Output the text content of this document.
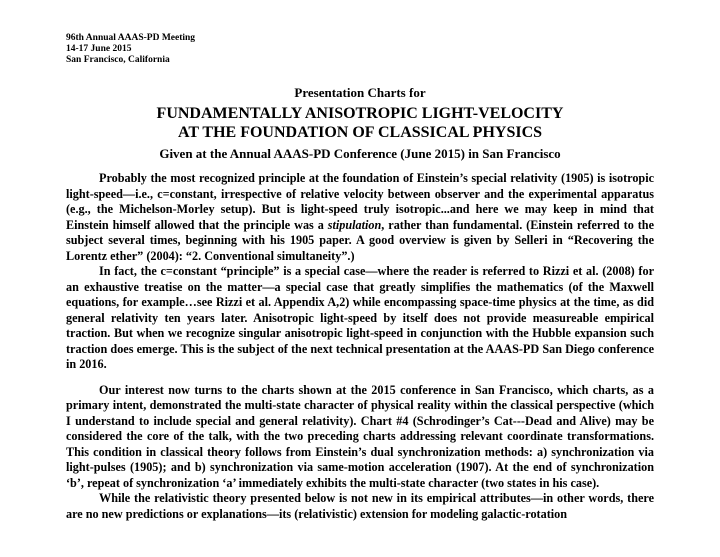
96th Annual AAAS-PD Meeting
14-17 June 2015
San Francisco, California
Presentation Charts for
FUNDAMENTALLY ANISOTROPIC LIGHT-VELOCITY
AT THE FOUNDATION OF CLASSICAL PHYSICS
Given at the Annual AAAS-PD Conference (June 2015) in San Francisco

Probably the most recognized principle at the foundation of Einstein’s special relativity (1905) is isotropic light-speed—i.e., c=constant, irrespective of relative velocity between observer and the experimental apparatus (e.g., the Michelson-Morley setup). But is light-speed truly isotropic...and here we may keep in mind that Einstein himself allowed that the principle was a stipulation, rather than fundamental. (Einstein referred to the subject several times, beginning with his 1905 paper. A good overview is given by Selleri in “Recovering the Lorentz ether” (2004): “2. Conventional simultaneity”.)

In fact, the c=constant “principle” is a special case—where the reader is referred to Rizzi et al. (2008) for an exhaustive treatise on the matter—a special case that greatly simplifies the mathematics (of the Maxwell equations, for example…see Rizzi et al. Appendix A,2) while encompassing space-time physics at the time, as did general relativity ten years later. Anisotropic light-speed by itself does not provide measureable empirical traction. But when we recognize singular anisotropic light-speed in conjunction with the Hubble expansion such traction does emerge. This is the subject of the next technical presentation at the AAAS-PD San Diego conference in 2016.

Our interest now turns to the charts shown at the 2015 conference in San Francisco, which charts, as a primary intent, demonstrated the multi-state character of physical reality within the classical perspective (which I understand to include special and general relativity). Chart #4 (Schrodinger’s Cat---Dead and Alive) may be considered the core of the talk, with the two preceding charts addressing relevant coordinate transformations. This condition in classical theory follows from Einstein’s dual synchronization methods: a) synchronization via light-pulses (1905); and b) synchronization via same-motion acceleration (1907). At the end of synchronization ‘b’, repeat of synchronization ‘a’ immediately exhibits the multi-state character (two states in his case).

While the relativistic theory presented below is not new in its empirical attributes—in other words, there are no new predictions or explanations—its (relativistic) extension for modeling galactic-rotation
